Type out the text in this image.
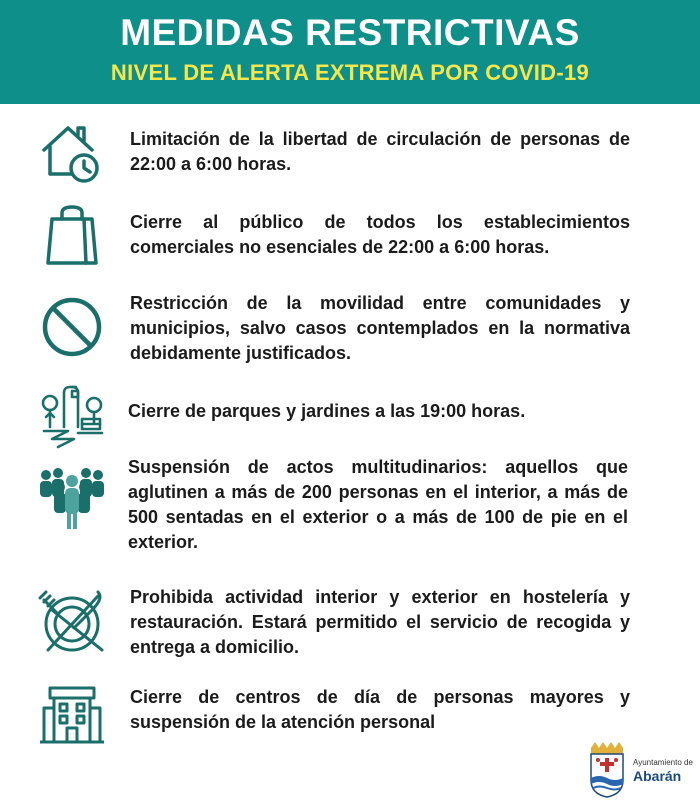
MEDIDAS RESTRICTIVAS
NIVEL DE ALERTA EXTREMA POR COVID-19
Limitación de la libertad de circulación de personas de 22:00 a 6:00 horas.
Cierre al público de todos los establecimientos comerciales no esenciales de 22:00 a 6:00 horas.
Restricción de la movilidad entre comunidades y municipios, salvo casos contemplados en la normativa debidamente justificados.
Cierre de parques y jardines a las 19:00 horas.
Suspensión de actos multitudinarios: aquellos que aglutinen a más de 200 personas en el interior, a más de 500 sentadas en el exterior o a más de 100 de pie en el exterior.
Prohibida actividad interior y exterior en hostelería y restauración. Estará permitido el servicio de recogida y entrega a domicilio.
Cierre de centros de día de personas mayores y suspensión de la atención personal
Ayuntamiento de
Abarán
